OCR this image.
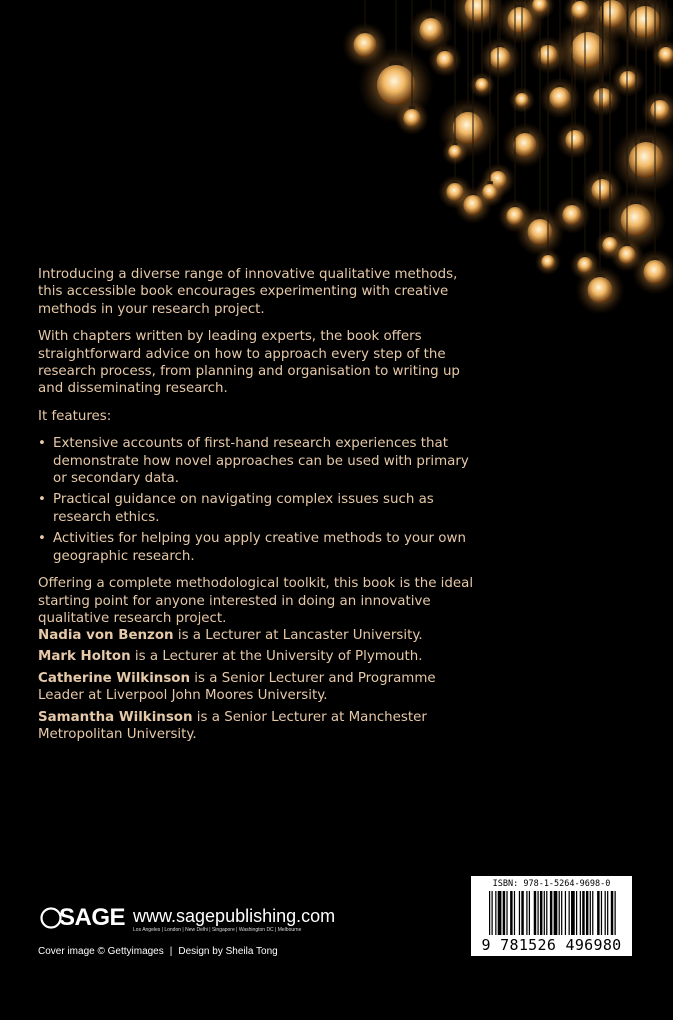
Introducing a diverse range of innovative qualitative methods, this accessible book encourages experimenting with creative methods in your research project.

With chapters written by leading experts, the book offers straightforward advice on how to approach every step of the research process, from planning and organisation to writing up and disseminating research.

It features:

• Extensive accounts of first-hand research experiences that demonstrate how novel approaches can be used with primary or secondary data.
• Practical guidance on navigating complex issues such as research ethics.
• Activities for helping you apply creative methods to your own geographic research.

Offering a complete methodological toolkit, this book is the ideal starting point for anyone interested in doing an innovative qualitative research project.

Nadia von Benzon is a Lecturer at Lancaster University.

Mark Holton is a Lecturer at the University of Plymouth.

Catherine Wilkinson is a Senior Lecturer and Programme Leader at Liverpool John Moores University.

Samantha Wilkinson is a Senior Lecturer at Manchester Metropolitan University.

SAGE www.sagepublishing.com
Los Angeles | London | New Delhi | Singapore | Washington DC | Melbourne
Cover image © Gettyimages | Design by Sheila Tong
ISBN: 978-1-5264-9698-0
9 781526 496980
